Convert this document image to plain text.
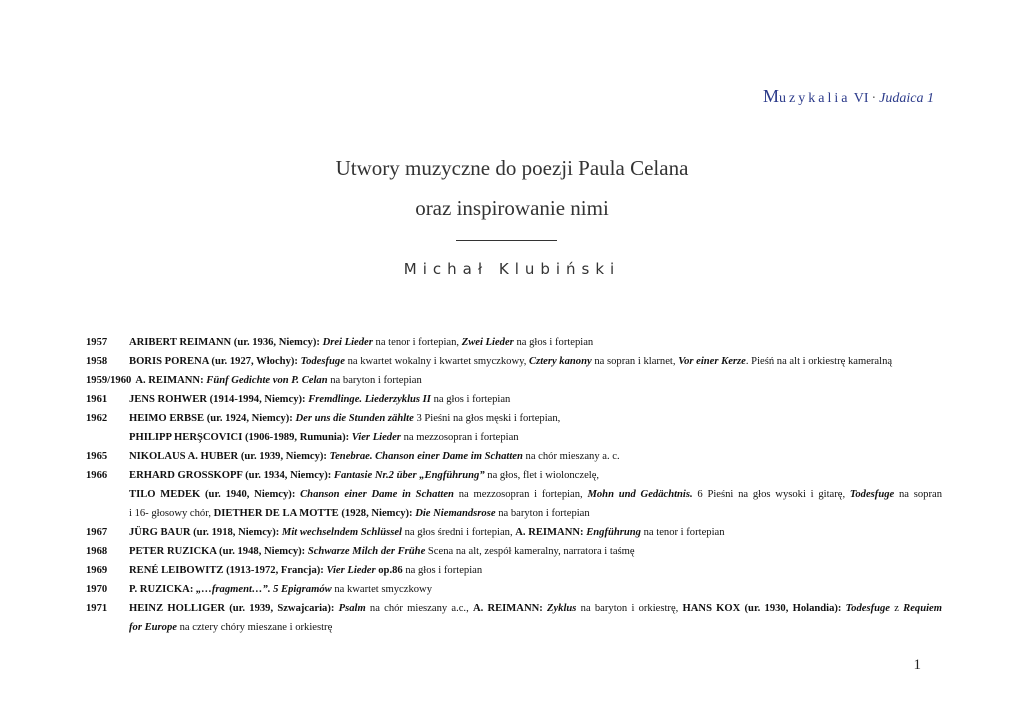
Muzykalia VI · Judaica 1
Utwory muzyczne do poezji Paula Celana
oraz inspirowanie nimi
Michał Klubiński
1957	ARIBERT REIMANN (ur. 1936, Niemcy): Drei Lieder na tenor i fortepian, Zwei Lieder na głos i fortepian
1958	BORIS PORENA (ur. 1927, Włochy): Todesfuge na kwartet wokalny i kwartet smyczkowy, Cztery kanony na sopran i klarnet, Vor einer Kerze. Pieśń na alt i orkiestrę kameralną
1959/1960 A. REIMANN: Fünf Gedichte von P. Celan na baryton i fortepian
1961	JENS ROHWER (1914-1994, Niemcy): Fremdlinge. Liederzyklus II na głos i fortepian
1962	HEIMO ERBSE (ur. 1924, Niemcy): Der uns die Stunden zählte 3 Pieśni na głos męski i fortepian,
PHILIPP HERŞCOVICI (1906-1989, Rumunia): Vier Lieder na mezzosopran i fortepian
1965	NIKOLAUS A. HUBER (ur. 1939, Niemcy): Tenebrae. Chanson einer Dame im Schatten na chór mieszany a. c.
1966	ERHARD GROSSKOPF (ur. 1934, Niemcy): Fantasie Nr.2 über „Engführung” na głos, flet i wiolonczelę,
TILO MEDEK (ur. 1940, Niemcy): Chanson einer Dame in Schatten na mezzosopran i fortepian, Mohn und Gedächtnis. 6 Pieśni na głos wysoki i gitarę, Todesfuge na sopran
i 16- głosowy chór, DIETHER DE LA MOTTE (1928, Niemcy): Die Niemandsrose na baryton i fortepian
1967	JÜRG BAUR (ur. 1918, Niemcy): Mit wechselndem Schlüssel na głos średni i fortepian, A. REIMANN: Engführung na tenor i fortepian
1968	PETER RUZICKA (ur. 1948, Niemcy): Schwarze Milch der Frühe Scena na alt, zespół kameralny, narratora i taśmę
1969	RENÉ LEIBOWITZ (1913-1972, Francja): Vier Lieder op.86 na głos i fortepian
1970	P. RUZICKA: „…fragment…”. 5 Epigramów na kwartet smyczkowy
1971	HEINZ HOLLIGER (ur. 1939, Szwajcaria): Psalm na chór mieszany a.c., A. REIMANN: Zyklus na baryton i orkiestrę, HANS KOX (ur. 1930, Holandia): Todesfuge z Requiem
for Europe na cztery chóry mieszane i orkiestrę
1
